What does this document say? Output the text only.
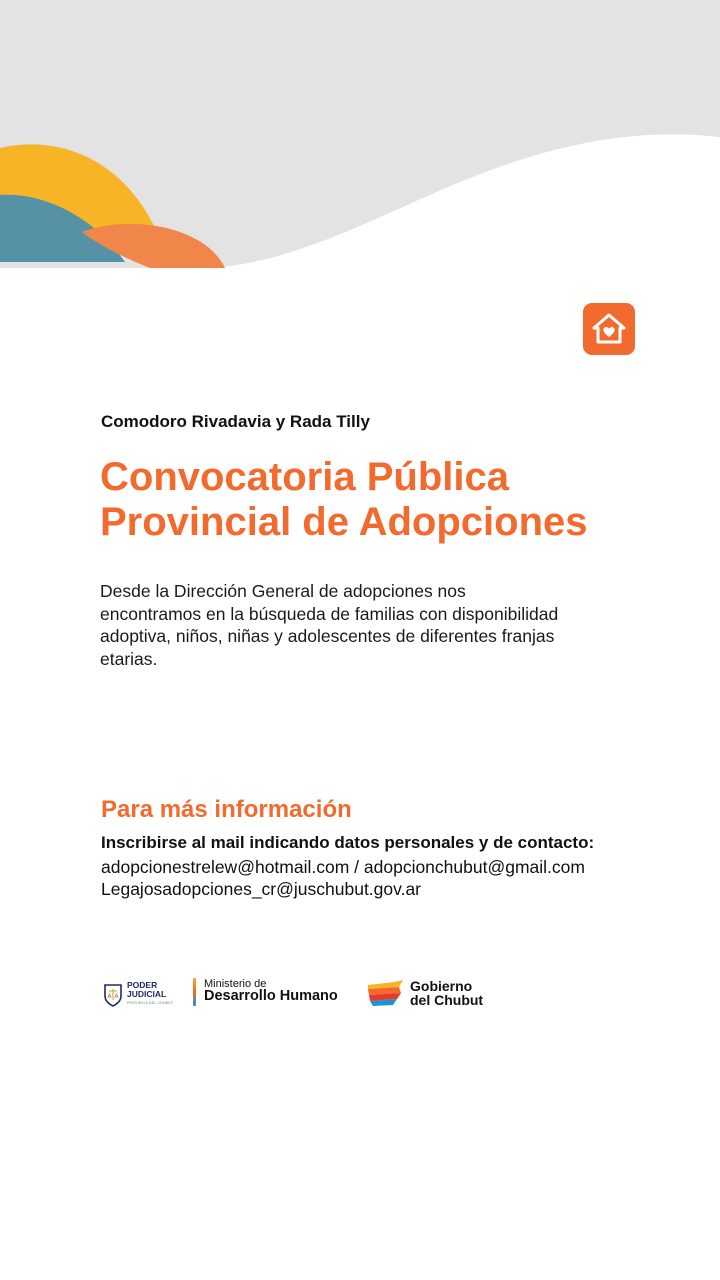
Comodoro Rivadavia y Rada Tilly

Convocatoria Pública
Provincial de Adopciones

Desde la Dirección General de adopciones nos encontramos en la búsqueda de familias con disponibilidad adoptiva, niños, niñas y adolescentes de diferentes franjas etarias.

Para más información

Inscribirse al mail indicando datos personales y de contacto:

adopcionestrelew@hotmail.com / adopcionchubut@gmail.com

Legajosadopciones_cr@juschubut.gov.ar

PODER
JUDICIAL
PROVINCIA DEL CHUBUT
Ministerio de
Desarrollo Humano
Gobierno
del Chubut
